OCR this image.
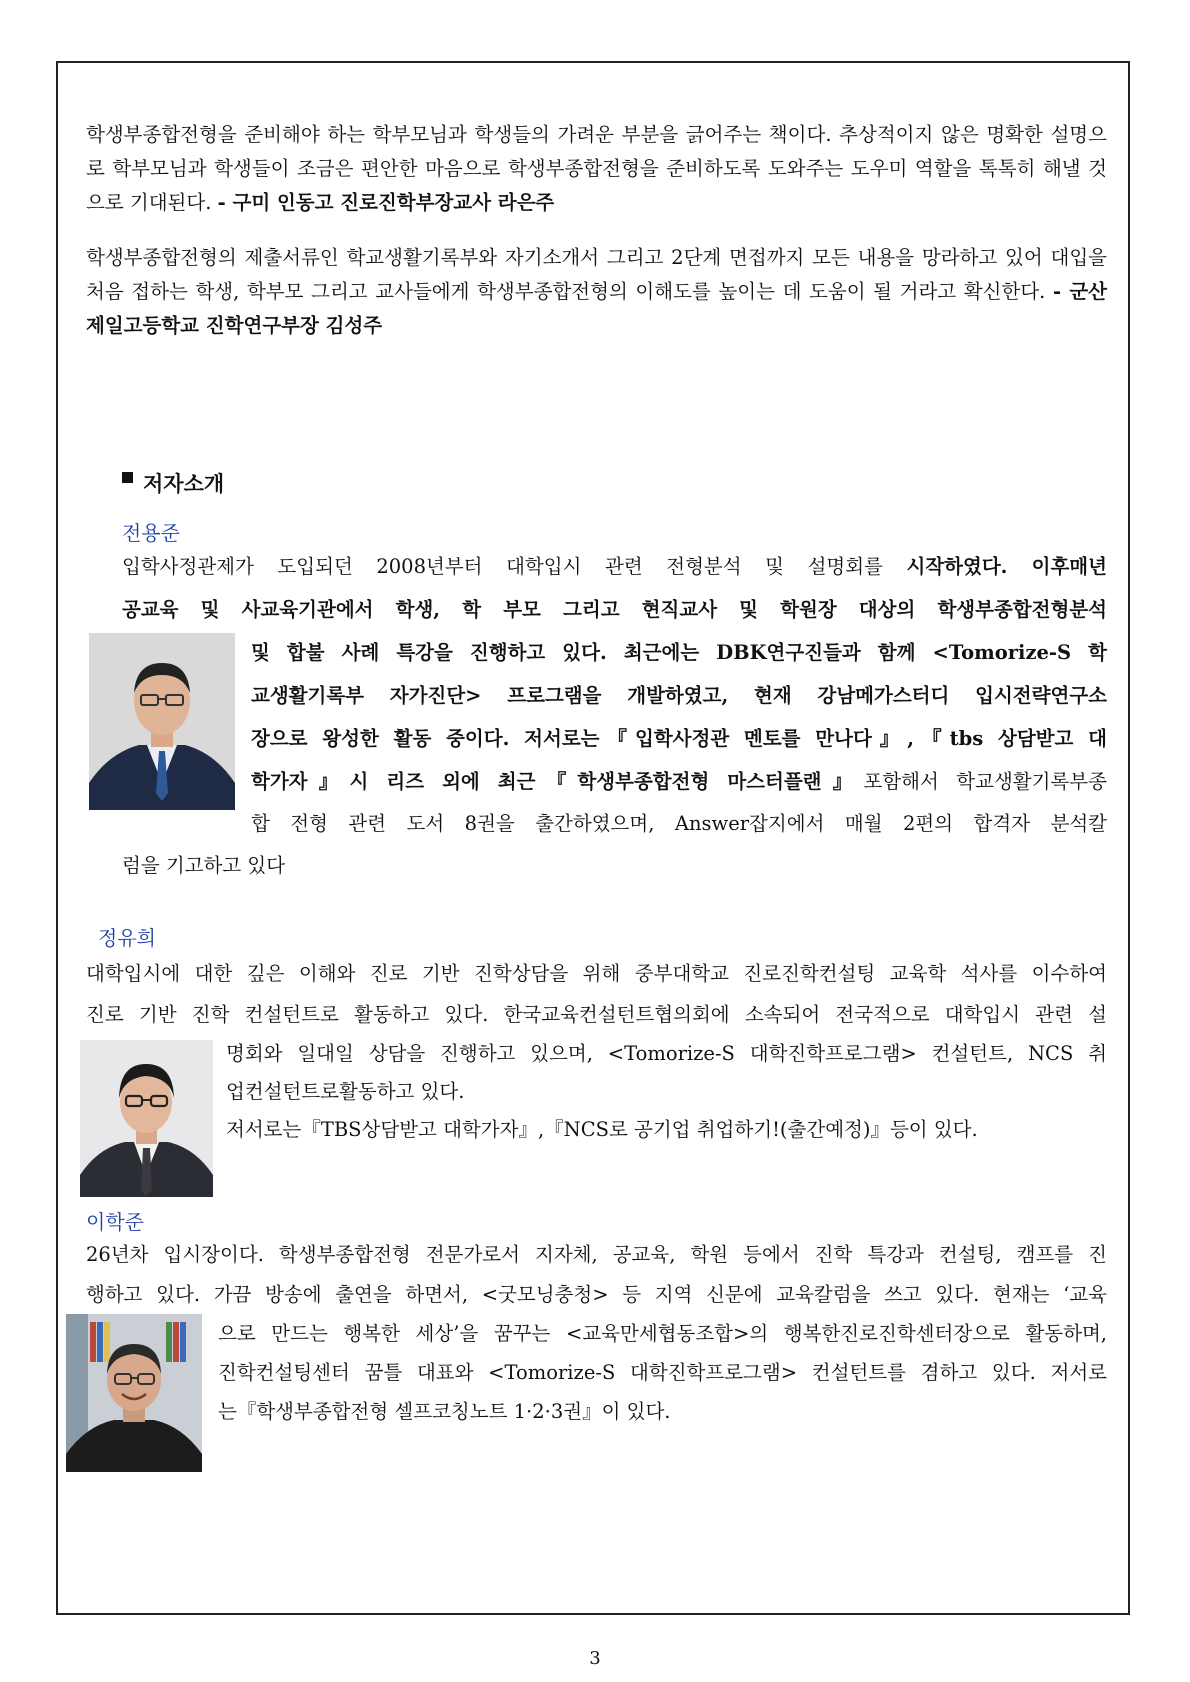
학생부종합전형을 준비해야 하는 학부모님과 학생들의 가려운 부분을 긁어주는 책이다. 추상적이지 않은 명확한 설명으로 학부모님과 학생들이 조금은 편안한 마음으로 학생부종합전형을 준비하도록 도와주는 도우미 역할을 톡톡히 해낼 것으로 기대된다. - 구미 인동고 진로진학부장교사 라은주

학생부종합전형의 제출서류인 학교생활기록부와 자기소개서 그리고 2단계 면접까지 모든 내용을 망라하고 있어 대입을 처음 접하는 학생, 학부모 그리고 교사들에게 학생부종합전형의 이해도를 높이는 데 도움이 될 거라고 확신한다. - 군산 제일고등학교 진학연구부장 김성주

저자소개
전용준
입학사정관제가 도입되던 2008년부터 대학입시 관련 전형분석 및 설명회를 시작하였다. 이후매년
공교육 및 사교육기관에서 학생, 학 부모 그리고 현직교사 및 학원장 대상의 학생부종합전형분석
및 합불 사례 특강을 진행하고 있다. 최근에는 DBK연구진들과 함께 <Tomorize-S 학
교생활기록부 자가진단> 프로그램을 개발하였고, 현재 강남메가스터디 입시전략연구소
장으로 왕성한 활동 중이다. 저서로는『입학사정관 멘토를 만나다』,『tbs 상담받고 대
학가자』시 리즈 외에 최근『학생부종합전형 마스터플랜』포함해서 학교생활기록부종
합 전형 관련 도서 8권을 출간하였으며, Answer잡지에서 매월 2편의 합격자 분석칼
럼을 기고하고 있다
정유희
대학입시에 대한 깊은 이해와 진로 기반 진학상담을 위해 중부대학교 진로진학컨설팅 교육학 석사를 이수하여
진로 기반 진학 컨설턴트로 활동하고 있다. 한국교육컨설턴트협의회에 소속되어 전국적으로 대학입시 관련 설
명회와 일대일 상담을 진행하고 있으며, <Tomorize-S 대학진학프로그램> 컨설턴트, NCS 취
업컨설턴트로활동하고 있다.
저서로는『TBS상담받고 대학가자』,『NCS로 공기업 취업하기!(출간예정)』등이 있다.
이학준
26년차 입시장이다. 학생부종합전형 전문가로서 지자체, 공교육, 학원 등에서 진학 특강과 컨설팅, 캠프를 진
행하고 있다. 가끔 방송에 출연을 하면서, <굿모닝충청> 등 지역 신문에 교육칼럼을 쓰고 있다. 현재는 ‘교육
으로 만드는 행복한 세상’을 꿈꾸는 <교육만세협동조합>의 행복한진로진학센터장으로 활동하며,
진학컨설팅센터 꿈틀 대표와 <Tomorize-S 대학진학프로그램> 컨설턴트를 겸하고 있다. 저서로
는『학생부종합전형 셀프코칭노트 1·2·3권』이 있다.
3
